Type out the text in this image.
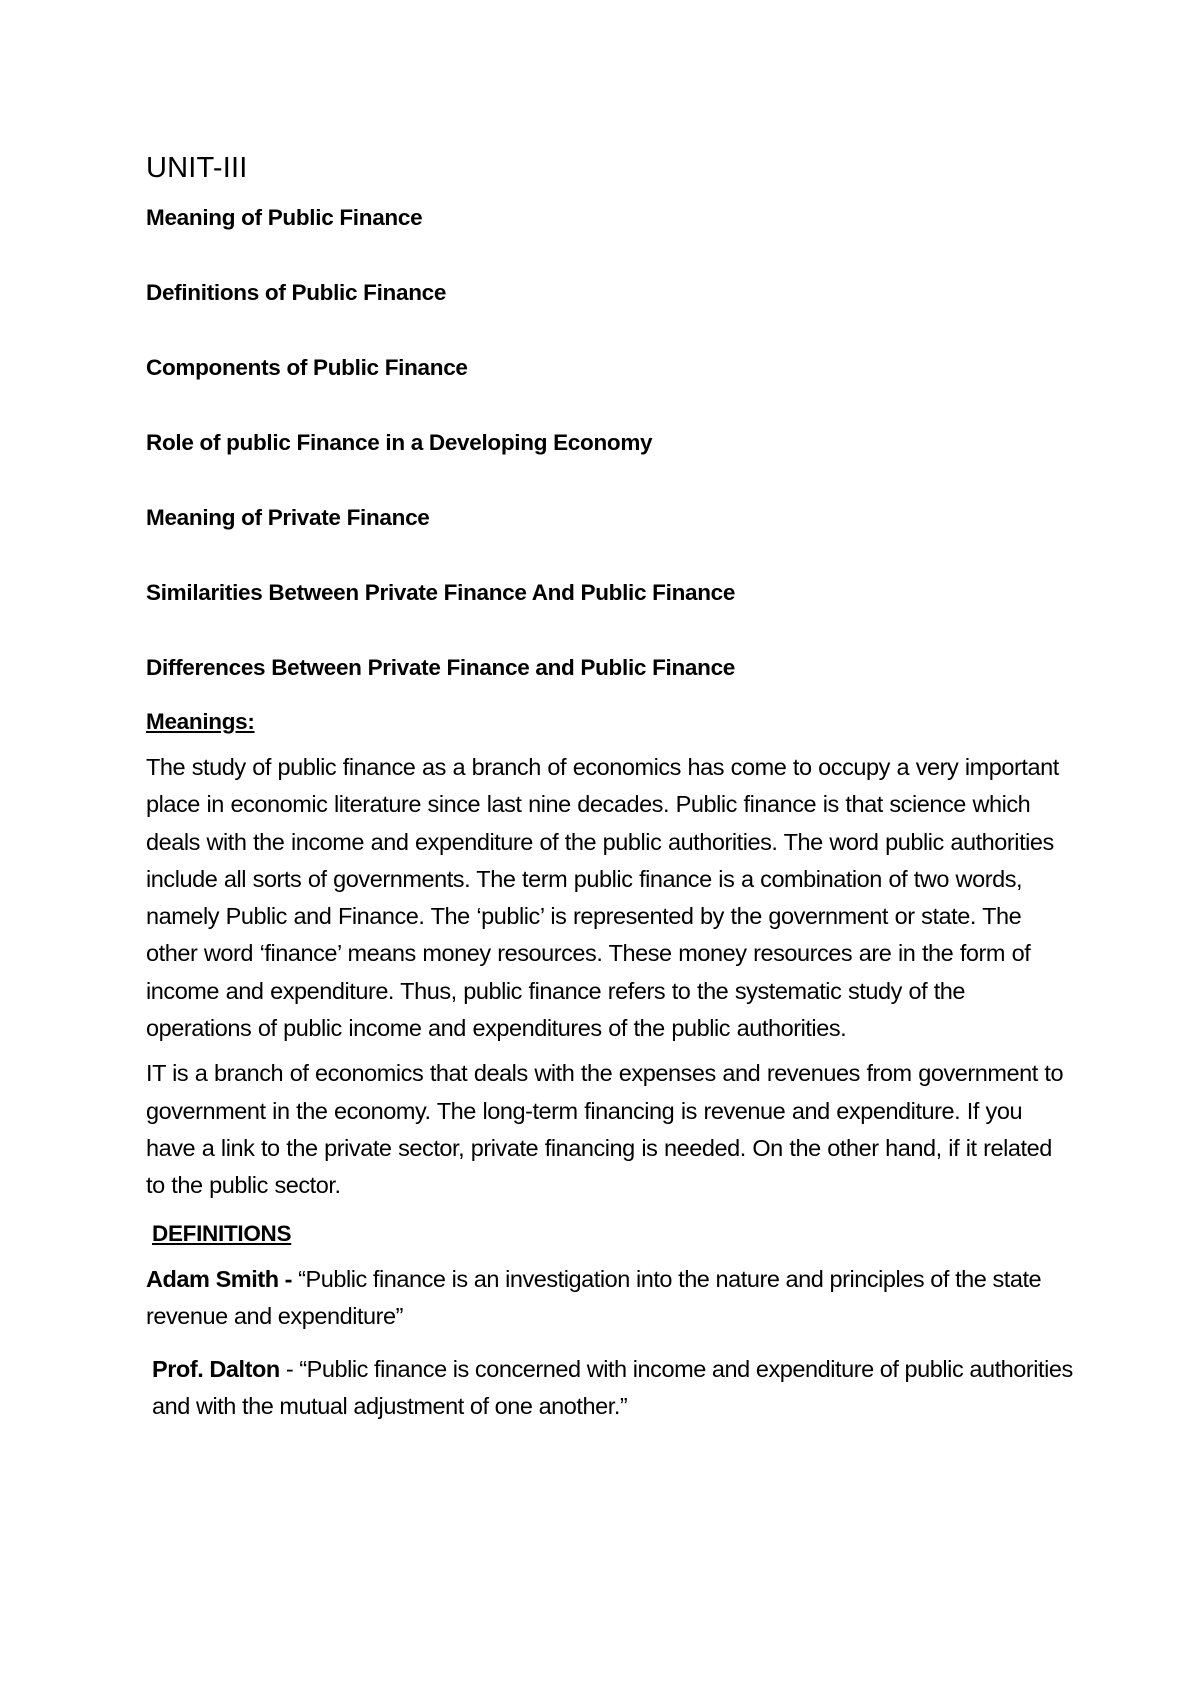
UNIT-III
Meaning of Public Finance
Definitions of Public Finance
Components of Public Finance
Role of public Finance in a Developing Economy
Meaning of Private Finance
Similarities Between Private Finance And Public Finance
Differences Between Private Finance and Public Finance
Meanings:

The study of public finance as a branch of economics has come to occupy a very important place in economic literature since last nine decades. Public finance is that science which deals with the income and expenditure of the public authorities. The word public authorities include all sorts of governments. The term public finance is a combination of two words, namely Public and Finance. The ‘public’ is represented by the government or state. The other word ‘finance’ means money resources. These money resources are in the form of income and expenditure. Thus, public finance refers to the systematic study of the operations of public income and expenditures of the public authorities.

IT is a branch of economics that deals with the expenses and revenues from government to government in the economy. The long-term financing is revenue and expenditure. If you have a link to the private sector, private financing is needed. On the other hand, if it related to the public sector.

DEFINITIONS

Adam Smith - “Public finance is an investigation into the nature and principles of the state revenue and expenditure”

Prof. Dalton - “Public finance is concerned with income and expenditure of public authorities and with the mutual adjustment of one another.”
